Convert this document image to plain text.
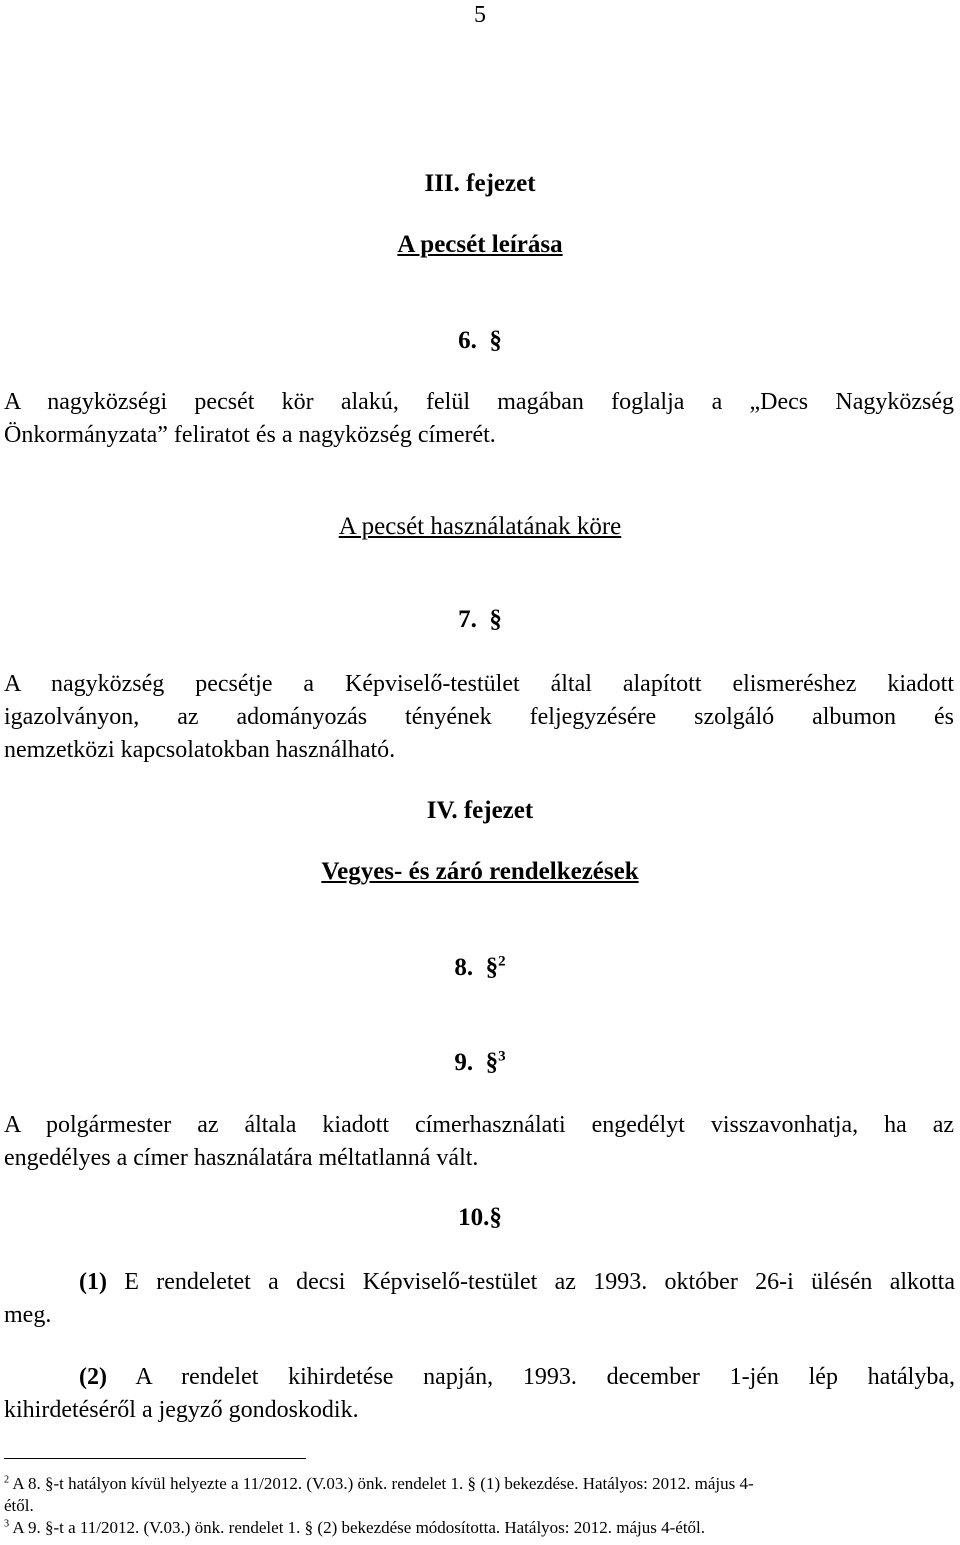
5
III. fejezet
A pecsét leírása
6. §
A nagyközségi pecsét kör alakú, felül magában foglalja a „Decs Nagyközség
Önkormányzata” feliratot és a nagyközség címerét.
A pecsét használatának köre
7. §
A nagyközség pecsétje a Képviselő-testület által alapított elismeréshez kiadott
igazolványon, az adományozás tényének feljegyzésére szolgáló albumon és
nemzetközi kapcsolatokban használható.
IV. fejezet
Vegyes- és záró rendelkezések
8. §$^2$
9. §$^3$
A polgármester az általa kiadott címerhasználati engedélyt visszavonhatja, ha az
engedélyes a címer használatára méltatlanná vált.
10.§
(1) E rendeletet a decsi Képviselő-testület az 1993. október 26-i ülésén alkotta
meg.
(2) A rendelet kihirdetése napján, 1993. december 1-jén lép hatályba,
kihirdetéséről a jegyző gondoskodik.
$^2$ A 8. §-t hatályon kívül helyezte a 11/2012. (V.03.) önk. rendelet 1. § (1) bekezdése. Hatályos: 2012. május 4-
étől.
$^3$ A 9. §-t a 11/2012. (V.03.) önk. rendelet 1. § (2) bekezdése módosította. Hatályos: 2012. május 4-étől.
